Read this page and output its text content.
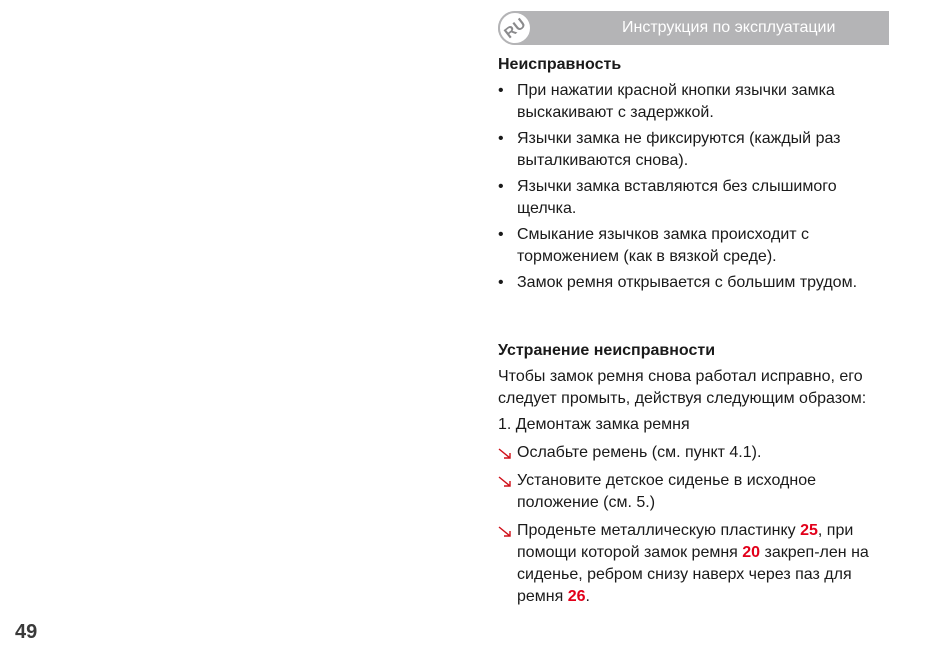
RU	Инструкция по эксплуатации
Неисправность
• При нажатии красной кнопки язычки замка выскакивают с задержкой.
• Язычки замка не фиксируются (каждый раз выталкиваются снова).
• Язычки замка вставляются без слышимого щелчка.
• Смыкание язычков замка происходит с торможением (как в вязкой среде).
• Замок ремня открывается с большим трудом.
Устранение неисправности
Чтобы замок ремня снова работал исправно, его следует промыть, действуя следующим образом:
1. Демонтаж замка ремня
Ослабьте ремень (см. пункт 4.1).
Установите детское сиденье в исходное положение (см. 5.)
Проденьте металлическую пластинку 25, при помощи которой замок ремня 20 закреп-лен на сиденье, ребром снизу наверх через паз для ремня 26.
49
